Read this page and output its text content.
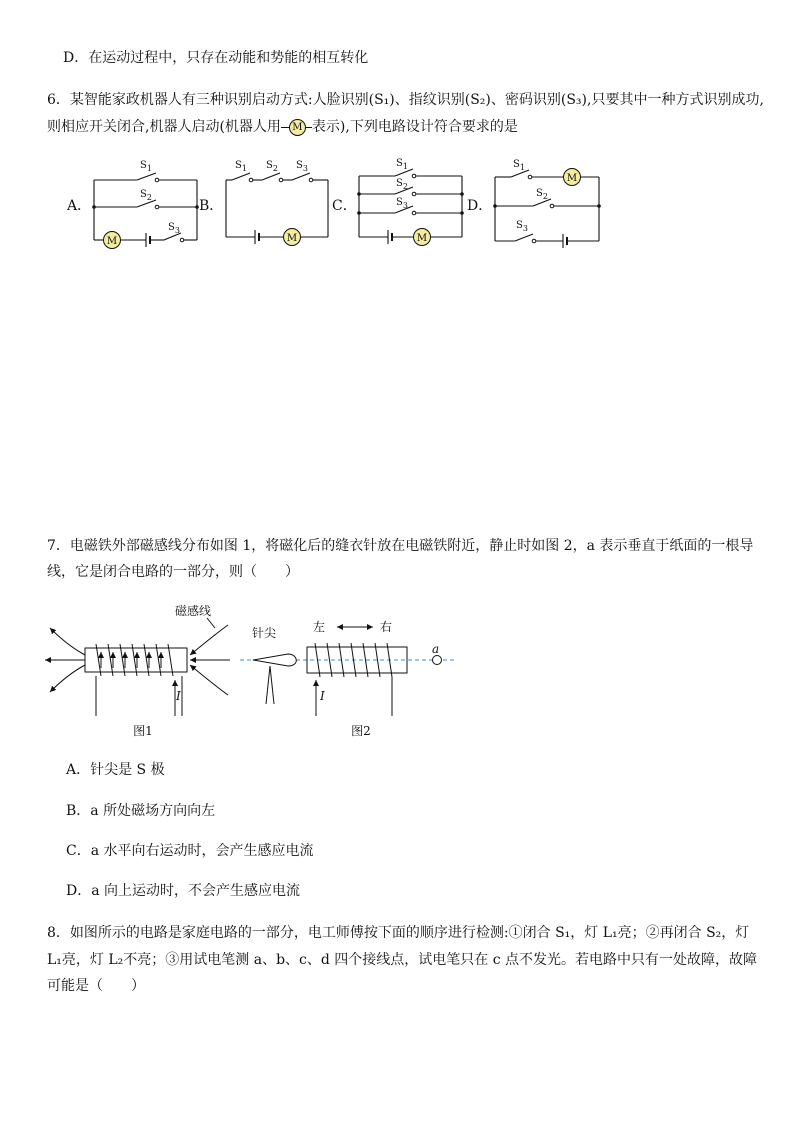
D．在运动过程中，只存在动能和势能的相互转化
6．某智能家政机器人有三种识别启动方式:人脸识别(S₁)、指纹识别(S₂)、密码识别(S₃),只要其中一种方式识别成功,
则相应开关闭合,机器人启动(机器人用 M 表示),下列电路设计符合要求的是
M	M	M
M
A．	B．	C．	D．
$S_1$
$S_2$
$S_3$
$S_1$ $S_2$ $S_3$	$S_1$
$S_2$
$S_3$
$S_1$
$S_2$
$S_3$
7．电磁铁外部磁感线分布如图 1，将磁化后的缝衣针放在电磁铁附近，静止时如图 2，a 表示垂直于纸面的一根导
线，它是闭合电路的一部分，则（　　）
磁感线
I
图1
针尖	左	右
a
I
图2
A．针尖是 S 极
B．a 所处磁场方向向左
C．a 水平向右运动时，会产生感应电流
D．a 向上运动时，不会产生感应电流
8．如图所示的电路是家庭电路的一部分，电工师傅按下面的顺序进行检测:①闭合 S₁，灯 L₁亮；②再闭合 S₂，灯
L₁亮，灯 L₂不亮；③用试电笔测 a、b、c、d 四个接线点，试电笔只在 c 点不发光。若电路中只有一处故障，故障
可能是（　　）
